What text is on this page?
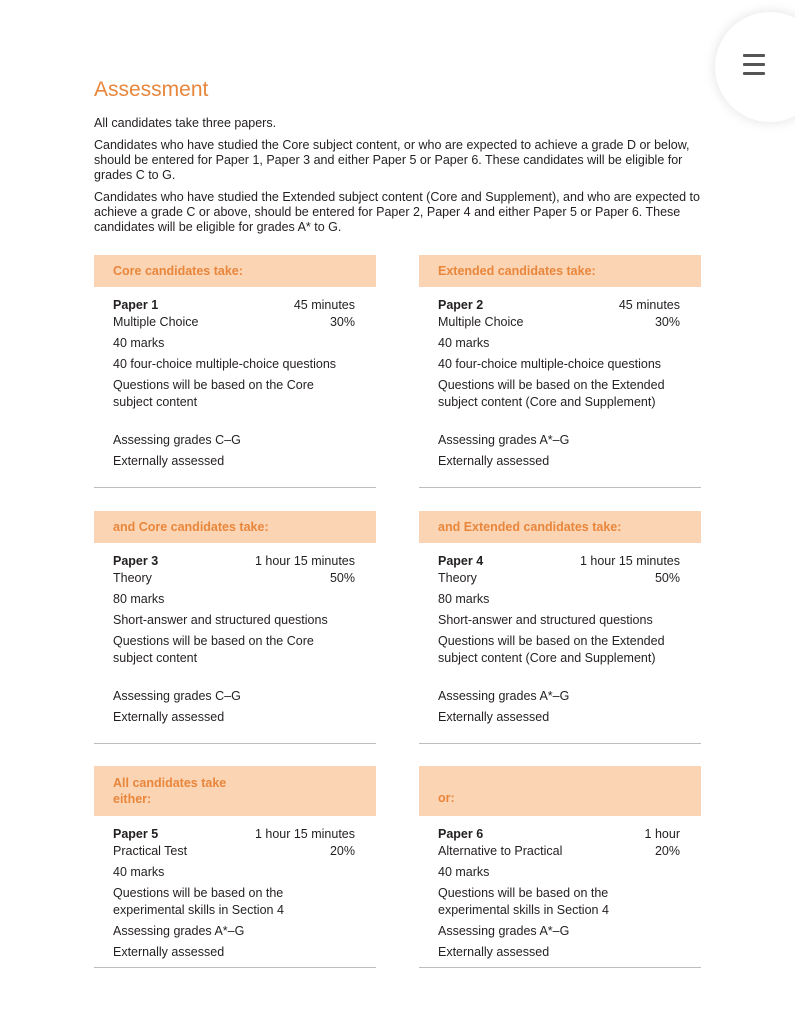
Assessment

All candidates take three papers.

Candidates who have studied the Core subject content, or who are expected to achieve a grade D or below, should be entered for Paper 1, Paper 3 and either Paper 5 or Paper 6. These candidates will be eligible for grades C to G.

Candidates who have studied the Extended subject content (Core and Supplement), and who are expected to achieve a grade C or above, should be entered for Paper 2, Paper 4 and either Paper 5 or Paper 6. These candidates will be eligible for grades A* to G.

Core candidates take:
Paper 1	45 minutes
Multiple Choice	30%
40 marks
40 four-choice multiple-choice questions
Questions will be based on the Core subject content
Assessing grades C–G
Externally assessed
Extended candidates take:
Paper 2	45 minutes
Multiple Choice	30%
40 marks
40 four-choice multiple-choice questions
Questions will be based on the Extended subject content (Core and Supplement)
Assessing grades A*–G
Externally assessed
and Core candidates take:
Paper 3	1 hour 15 minutes
Theory	50%
80 marks
Short-answer and structured questions
Questions will be based on the Core subject content
Assessing grades C–G
Externally assessed
and Extended candidates take:
Paper 4	1 hour 15 minutes
Theory	50%
80 marks
Short-answer and structured questions
Questions will be based on the Extended subject content (Core and Supplement)
Assessing grades A*–G
Externally assessed
All candidates take either:
Paper 5	1 hour 15 minutes
Practical Test	20%
40 marks
Questions will be based on the experimental skills in Section 4
Assessing grades A*–G
Externally assessed
or:
Paper 6	1 hour
Alternative to Practical	20%
40 marks
Questions will be based on the experimental skills in Section 4
Assessing grades A*–G
Externally assessed
